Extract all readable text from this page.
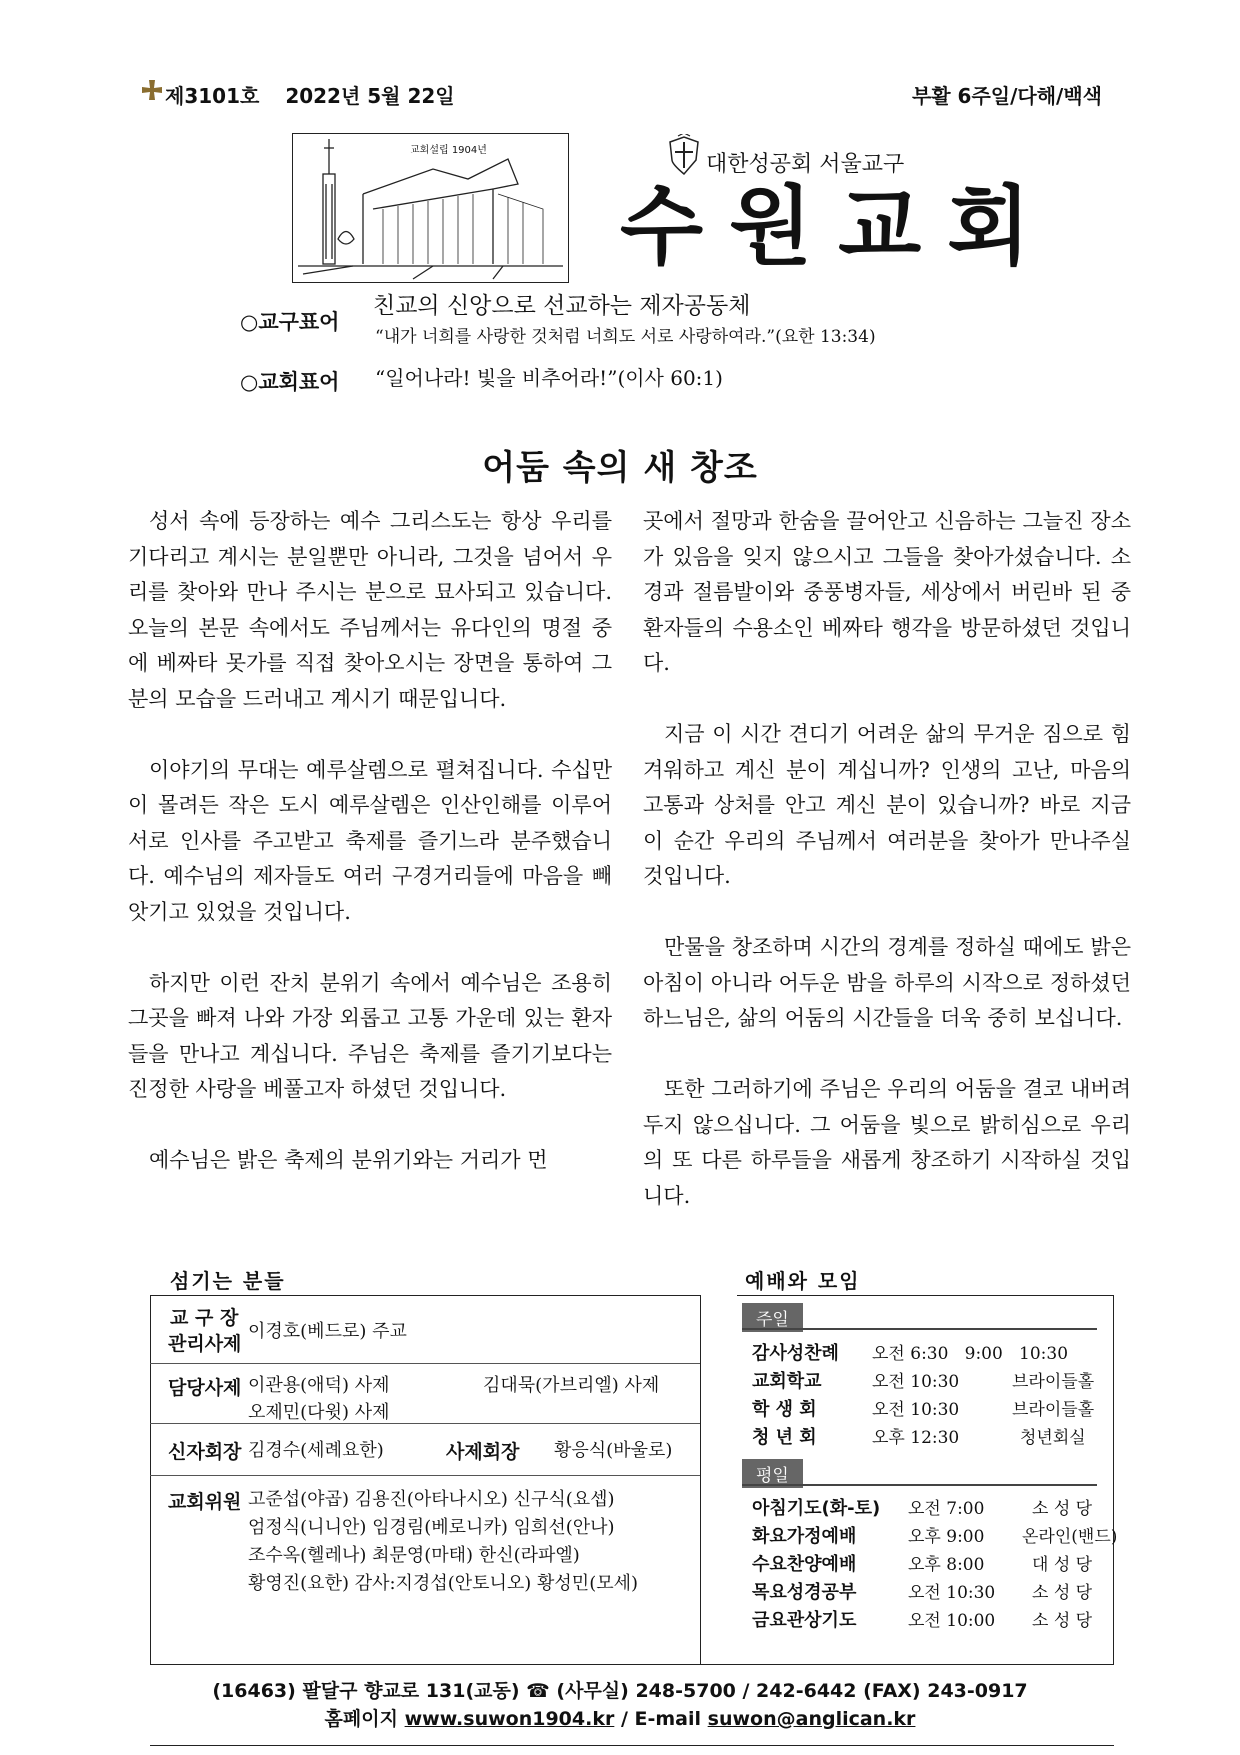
제3101호 2022년 5월 22일	부활 6주일/다해/백색
교회설립 1904년
대한성공회 서울교구
수원교회
○교구표어
친교의 신앙으로 선교하는 제자공동체
“내가 너희를 사랑한 것처럼 너희도 서로 사랑하여라.”(요한 13:34)
○교회표어 “일어나라! 빛을 비추어라!”(이사 60:1)
어둠 속의 새 창조

성서 속에 등장하는 예수 그리스도는 항상 우리를 기다리고 계시는 분일뿐만 아니라, 그것을 넘어서 우리를 찾아와 만나 주시는 분으로 묘사되고 있습니다. 오늘의 본문 속에서도 주님께서는 유다인의 명절 중에 베짜타 못가를 직접 찾아오시는 장면을 통하여 그분의 모습을 드러내고 계시기 때문입니다.

이야기의 무대는 예루살렘으로 펼쳐집니다. 수십만이 몰려든 작은 도시 예루살렘은 인산인해를 이루어 서로 인사를 주고받고 축제를 즐기느라 분주했습니다. 예수님의 제자들도 여러 구경거리들에 마음을 빼앗기고 있었을 것입니다.

하지만 이런 잔치 분위기 속에서 예수님은 조용히 그곳을 빠져 나와 가장 외롭고 고통 가운데 있는 환자들을 만나고 계십니다. 주님은 축제를 즐기기보다는 진정한 사랑을 베풀고자 하셨던 것입니다.

예수님은 밝은 축제의 분위기와는 거리가 먼

곳에서 절망과 한숨을 끌어안고 신음하는 그늘진 장소가 있음을 잊지 않으시고 그들을 찾아가셨습니다. 소경과 절름발이와 중풍병자들, 세상에서 버린바 된 중환자들의 수용소인 베짜타 행각을 방문하셨던 것입니다.

지금 이 시간 견디기 어려운 삶의 무거운 짐으로 힘겨워하고 계신 분이 계십니까? 인생의 고난, 마음의 고통과 상처를 안고 계신 분이 있습니까? 바로 지금 이 순간 우리의 주님께서 여러분을 찾아가 만나주실 것입니다.

만물을 창조하며 시간의 경계를 정하실 때에도 밝은 아침이 아니라 어두운 밤을 하루의 시작으로 정하셨던 하느님은, 삶의 어둠의 시간들을 더욱 중히 보십니다.

또한 그러하기에 주님은 우리의 어둠을 결코 내버려두지 않으십니다. 그 어둠을 빛으로 밝히심으로 우리의 또 다른 하루들을 새롭게 창조하기 시작하실 것입니다.

섬기는 분들	예배와 모임
교 구 장
관리사제
이경호(베드로) 주교
담당사제 이관용(애덕) 사제	김대묵(가브리엘) 사제
오제민(다윗) 사제
신자회장 김경수(세례요한)	사제회장 황응식(바울로)
교회위원 고준섭(야곱) 김용진(아타나시오) 신구식(요셉)
엄정식(니니안) 임경림(베로니카) 임희선(안나)
조수옥(헬레나) 최문영(마태) 한신(라파엘)
황영진(요한) 감사:지경섭(안토니오) 황성민(모세)
주일
감사성찬례 오전 6:30   9:00   10:30
교회학교	오전 10:30	브라이들홀
학 생 회	오전 10:30	브라이들홀
청 년 회	오후 12:30	청년회실
평일
아침기도(화-토) 오전 7:00	소 성 당
화요가정예배	오후 9:00 온라인(밴드)
수요찬양예배	오후 8:00	대 성 당
목요성경공부	오전 10:30 소 성 당
금요관상기도	오전 10:00 소 성 당
(16463) 팔달구 향교로 131(교동) ☎ (사무실) 248-5700 / 242-6442 (FAX) 243-0917
홈페이지 www.suwon1904.kr / E-mail suwon@anglican.kr
